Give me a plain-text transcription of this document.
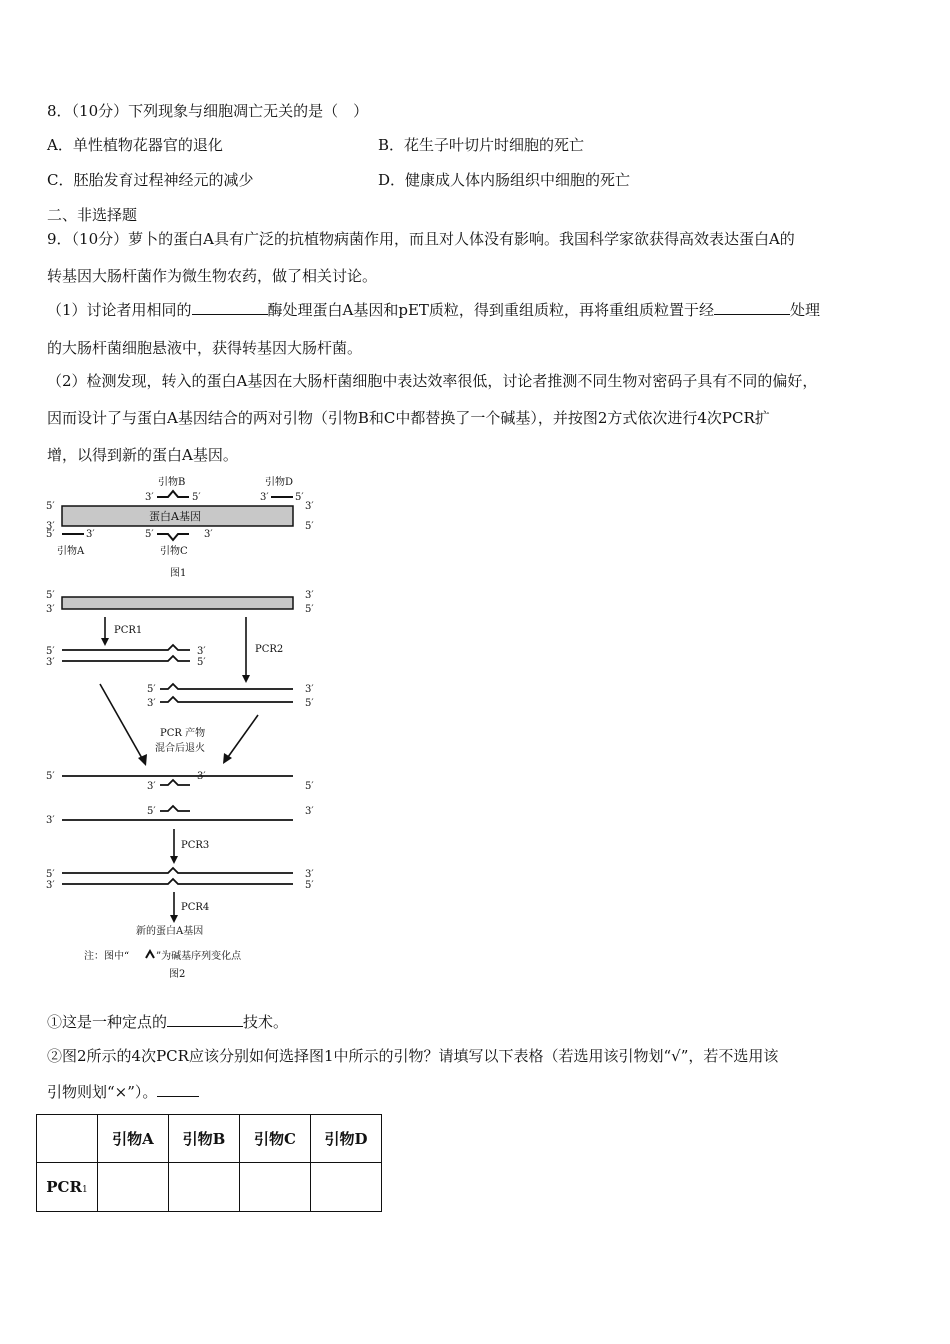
8．（10分）下列现象与细胞凋亡无关的是（　）
A．单性植物花器官的退化	B．花生子叶切片时细胞的死亡
C．胚胎发育过程神经元的减少	D．健康成人体内肠组织中细胞的死亡
二、非选择题
9．（10分）萝卜的蛋白A具有广泛的抗植物病菌作用，而且对人体没有影响。我国科学家欲获得高效表达蛋白A的
转基因大肠杆菌作为微生物农药，做了相关讨论。
（1）讨论者用相同的	酶处理蛋白A基因和pET质粒，得到重组质粒，再将重组质粒置于经	处理
的大肠杆菌细胞悬液中，获得转基因大肠杆菌。
（2）检测发现，转入的蛋白A基因在大肠杆菌细胞中表达效率很低，讨论者推测不同生物对密码子具有不同的偏好，
因而设计了与蛋白A基因结合的两对引物（引物B和C中都替换了一个碱基），并按图2方式依次进行4次PCR扩
增，以得到新的蛋白A基因。
引物B	引物D
3′	5′	3′	5′
5′	3′
蛋白A基因
3′	5′
5′	3′	5′	3′
引物A	引物C
图1
5′	3′
3′	5′
PCR1
PCR2
5′	3′
3′	5′
5′	3′
3′	5′
PCR 产物
混合后退火
5′
5′
3′
3′
5′	3′
3′
PCR3
5′	3′
3′	5′
PCR4
新的蛋白A基因
注：图中“	”为碱基序列变化点
图2
①这是一种定点的	技术。
②图2所示的4次PCR应该分别如何选择图1中所示的引物？请填写以下表格（若选用该引物划“√”，若不选用该
引物则划“×”）。
	引物A	引物B	引物C	引物D
PCR1				
